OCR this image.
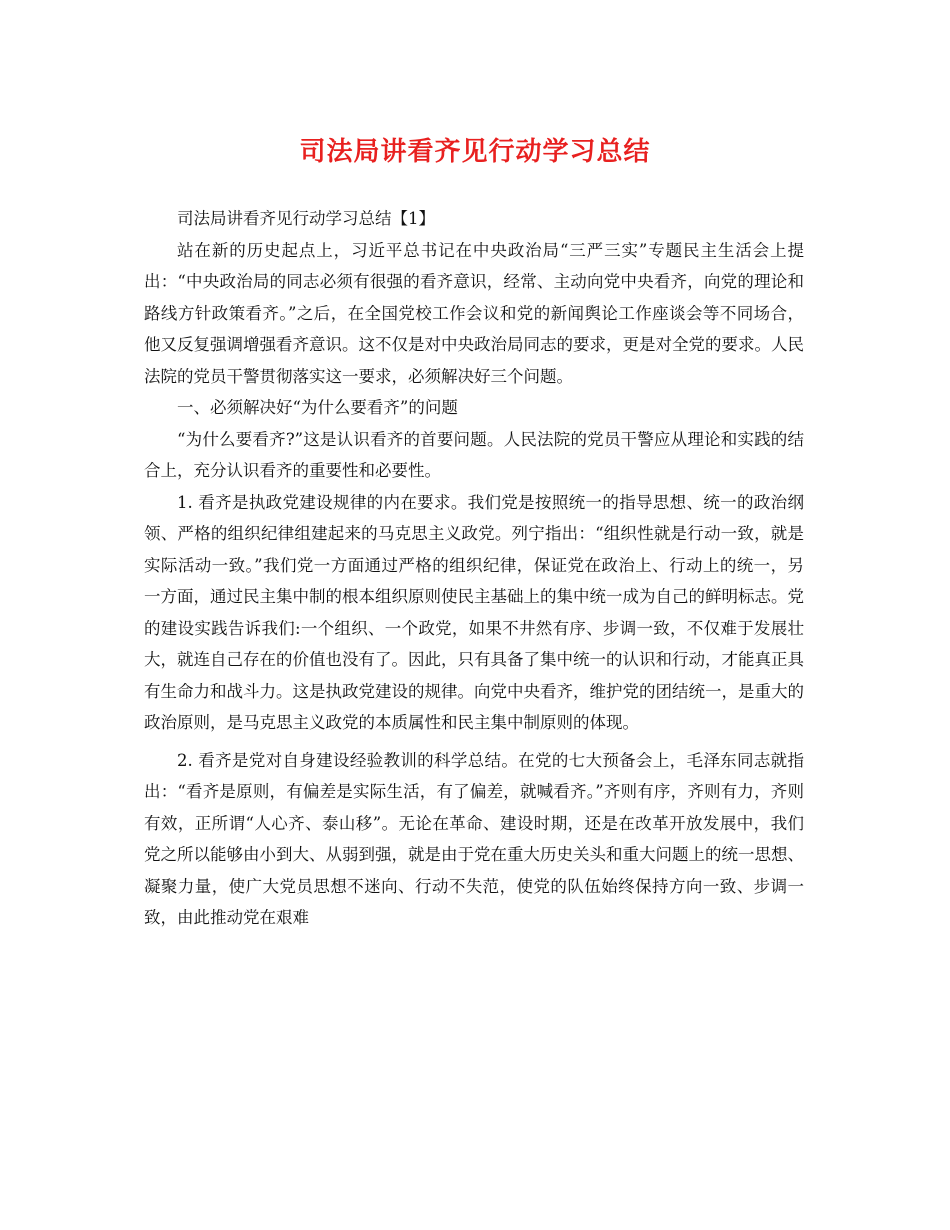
司法局讲看齐见行动学习总结

司法局讲看齐见行动学习总结【1】

站在新的历史起点上，习近平总书记在中央政治局“三严三实”专题民主生活会上提出：“中央政治局的同志必须有很强的看齐意识，经常、主动向党中央看齐，向党的理论和路线方针政策看齐。”之后，在全国党校工作会议和党的新闻舆论工作座谈会等不同场合，他又反复强调增强看齐意识。这不仅是对中央政治局同志的要求，更是对全党的要求。人民法院的党员干警贯彻落实这一要求，必须解决好三个问题。

一、必须解决好“为什么要看齐”的问题

“为什么要看齐?”这是认识看齐的首要问题。人民法院的党员干警应从理论和实践的结合上，充分认识看齐的重要性和必要性。

1. 看齐是执政党建设规律的内在要求。我们党是按照统一的指导思想、统一的政治纲领、严格的组织纪律组建起来的马克思主义政党。列宁指出：“组织性就是行动一致，就是实际活动一致。”我们党一方面通过严格的组织纪律，保证党在政治上、行动上的统一，另一方面，通过民主集中制的根本组织原则使民主基础上的集中统一成为自己的鲜明标志。党的建设实践告诉我们:一个组织、一个政党，如果不井然有序、步调一致，不仅难于发展壮大，就连自己存在的价值也没有了。因此，只有具备了集中统一的认识和行动，才能真正具有生命力和战斗力。这是执政党建设的规律。向党中央看齐，维护党的团结统一，是重大的政治原则，是马克思主义政党的本质属性和民主集中制原则的体现。

2. 看齐是党对自身建设经验教训的科学总结。在党的七大预备会上，毛泽东同志就指出：“看齐是原则，有偏差是实际生活，有了偏差，就喊看齐。”齐则有序，齐则有力，齐则有效，正所谓“人心齐、泰山移”。无论在革命、建设时期，还是在改革开放发展中，我们党之所以能够由小到大、从弱到强，就是由于党在重大历史关头和重大问题上的统一思想、凝聚力量，使广大党员思想不迷向、行动不失范，使党的队伍始终保持方向一致、步调一致，由此推动党在艰难
